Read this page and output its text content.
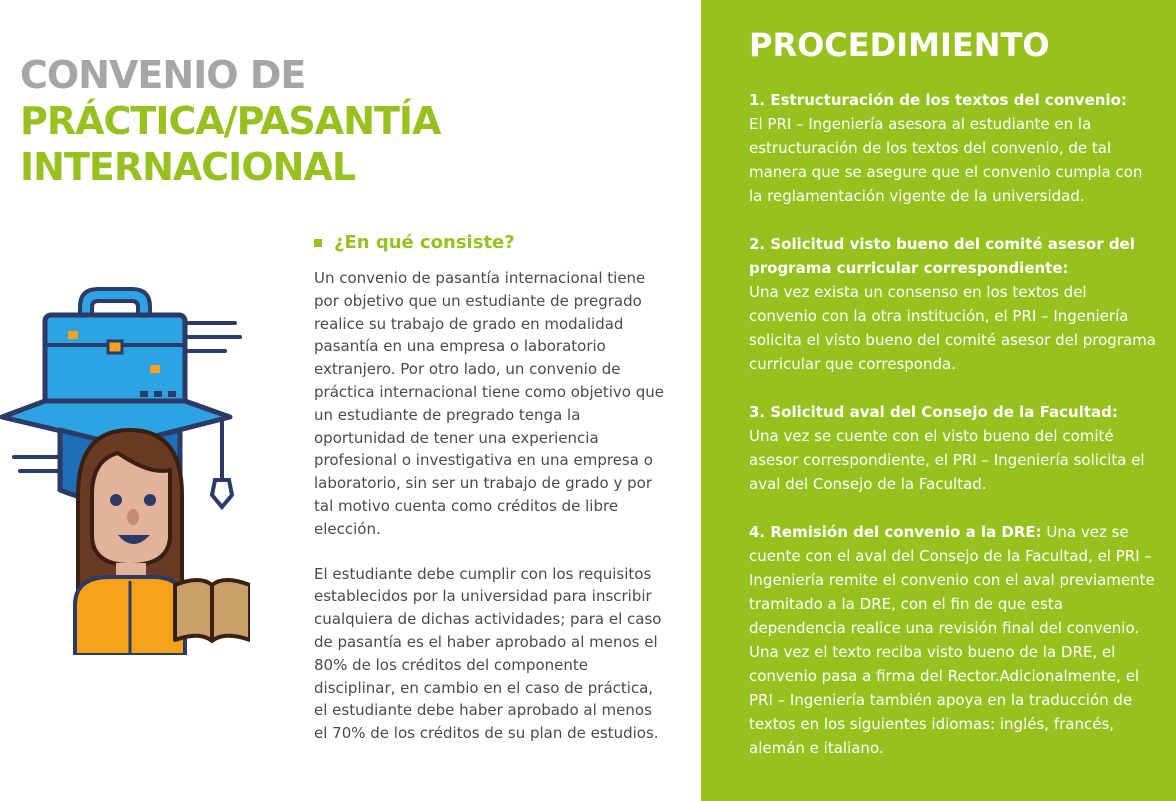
CONVENIO DE
PRÁCTICA/PASANTÍA
INTERNACIONAL
¿En qué consiste?

Un convenio de pasantía internacional tiene por objetivo que un estudiante de pregrado realice su trabajo de grado en modalidad pasantía en una empresa o laboratorio extranjero. Por otro lado, un convenio de práctica internacional tiene como objetivo que un estudiante de pregrado tenga la oportunidad de tener una experiencia profesional o investigativa en una empresa o laboratorio, sin ser un trabajo de grado y por tal motivo cuenta como créditos de libre elección.

El estudiante debe cumplir con los requisitos establecidos por la universidad para inscribir cualquiera de dichas actividades; para el caso de pasantía es el haber aprobado al menos el 80% de los créditos del componente disciplinar, en cambio en el caso de práctica, el estudiante debe haber aprobado al menos el 70% de los créditos de su plan de estudios.

PROCEDIMIENTO

1. Estructuración de los textos del convenio:
El PRI – Ingeniería asesora al estudiante en la estructuración de los textos del convenio, de tal manera que se asegure que el convenio cumpla con la reglamentación vigente de la universidad.

2. Solicitud visto bueno del comité asesor del programa curricular correspondiente:
Una vez exista un consenso en los textos del convenio con la otra institución, el PRI – Ingeniería solicita el visto bueno del comité asesor del programa curricular que corresponda.

3. Solicitud aval del Consejo de la Facultad:
Una vez se cuente con el visto bueno del comité asesor correspondiente, el PRI – Ingeniería solicita el aval del Consejo de la Facultad.

4. Remisión del convenio a la DRE: Una vez se cuente con el aval del Consejo de la Facultad, el PRI – Ingeniería remite el convenio con el aval previamente tramitado a la DRE, con el fin de que esta dependencia realice una revisión final del convenio. Una vez el texto reciba visto bueno de la DRE, el convenio pasa a firma del Rector.Adicionalmente, el PRI – Ingeniería también apoya en la traducción de textos en los siguientes idiomas: inglés, francés, alemán e italiano.
